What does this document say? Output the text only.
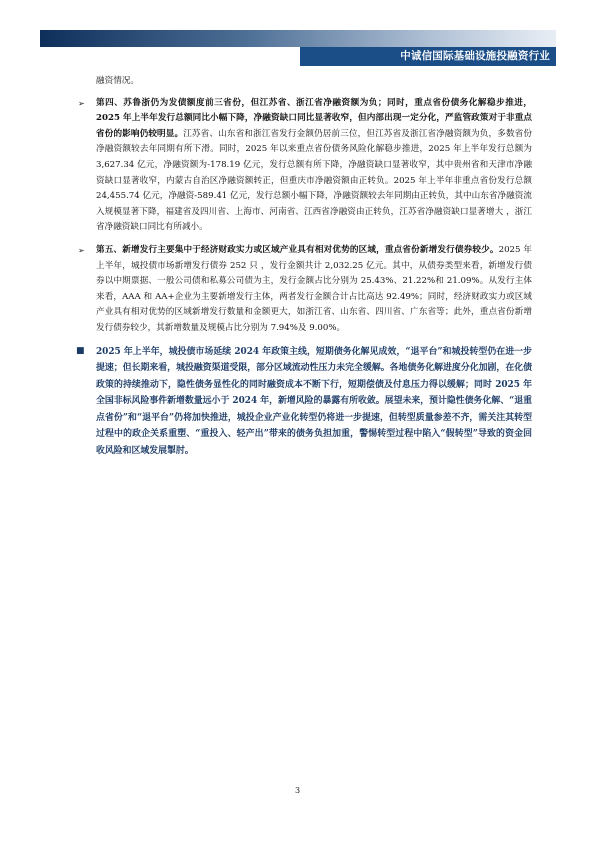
中诚信国际基础设施投融资行业

融资情况。

➢	第四、苏鲁浙仍为发债额度前三省份，但江苏省、浙江省净融资额为负；同时，重点省份债务化解稳步推进，2025 年上半年发行总额同比小幅下降，净融资缺口同比显著收窄，但内部出现一定分化，严监管政策对于非重点省份的影响仍较明显。江苏省、山东省和浙江省发行金额仍居前三位，但江苏省及浙江省净融资额为负，多数省份净融资额较去年同期有所下滑。同时，2025 年以来重点省份债务风险化解稳步推进，2025 年上半年发行总额为 3,627.34 亿元，净融资额为-178.19 亿元，发行总额有所下降，净融资缺口显著收窄，其中贵州省和天津市净融资缺口显著收窄，内蒙古自治区净融资额转正，但重庆市净融资额由正转负。2025 年上半年非重点省份发行总额 24,455.74 亿元，净融资-589.41 亿元，发行总额小幅下降，净融资额较去年同期由正转负，其中山东省净融资流入规模显著下降，福建省及四川省、上海市、河南省、江西省净融资由正转负，江苏省净融资缺口显著增大 ，浙江省净融资缺口同比有所减小。
➢	第五、新增发行主要集中于经济财政实力或区域产业具有相对优势的区域，重点省份新增发行债券较少。2025 年上半年，城投债市场新增发行债券 252 只 ，发行金额共计 2,032.25 亿元。其中，从债券类型来看，新增发行债券以中期票据、一般公司债和私募公司债为主，发行金额占比分别为 25.43%、21.22%和 21.09%。从发行主体来看，AAA 和 AA+企业为主要新增发行主体，两者发行金额合计占比高达 92.49%；同时，经济财政实力或区域产业具有相对优势的区域新增发行数量和金额更大，如浙江省、山东省、四川省、广东省等；此外，重点省份新增发行债券较少，其新增数量及规模占比分别为 7.94%及 9.00%。
■	2025 年上半年，城投债市场延续 2024 年政策主线，短期债务化解见成效，“退平台”和城投转型仍在进一步提速；但长期来看，城投融资渠道受限，部分区域流动性压力未完全缓解。各地债务化解进度分化加剧，在化债政策的持续推动下，隐性债务显性化的同时融资成本不断下行，短期偿债及付息压力得以缓解；同时 2025 年全国非标风险事件新增数量远小于 2024 年，新增风险的暴露有所收敛。展望未来，预计隐性债务化解、“退重点省份”和“退平台”仍将加快推进，城投企业产业化转型仍将进一步提速，但转型质量参差不齐，需关注其转型过程中的政企关系重塑、“重投入、轻产出”带来的债务负担加重，警惕转型过程中陷入“假转型”导致的资金回收风险和区域发展掣肘。
3
